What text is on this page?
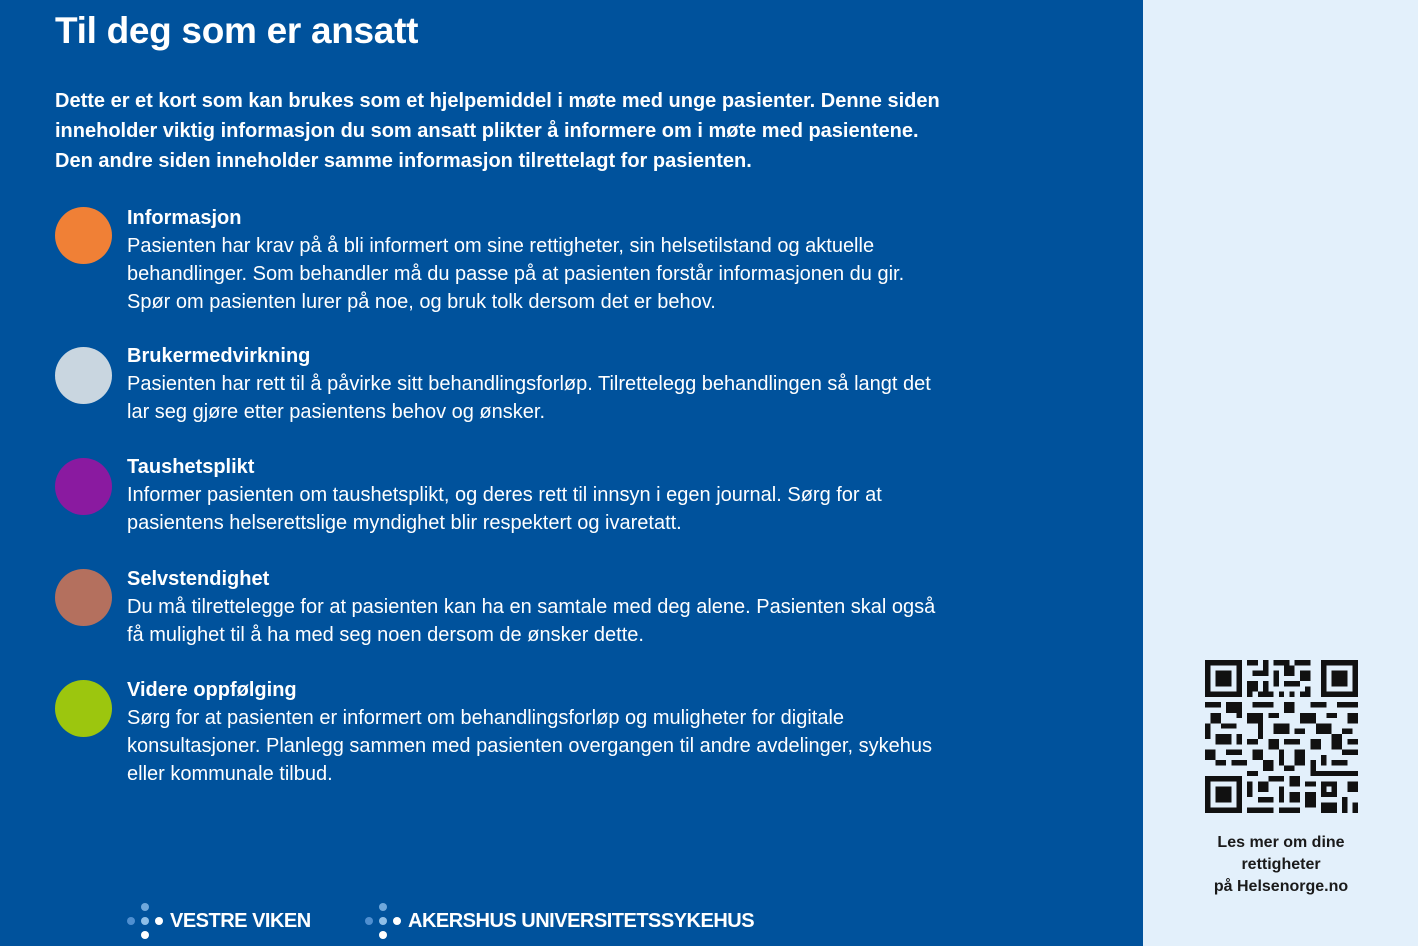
Til deg som er ansatt
Dette er et kort som kan brukes som et hjelpemiddel i møte med unge pasienter. Denne siden
inneholder viktig informasjon du som ansatt plikter å informere om i møte med pasientene.
Den andre siden inneholder samme informasjon tilrettelagt for pasienten.
Informasjon
Pasienten har krav på å bli informert om sine rettigheter, sin helsetilstand og aktuelle
behandlinger. Som behandler må du passe på at pasienten forstår informasjonen du gir.
Spør om pasienten lurer på noe, og bruk tolk dersom det er behov.
Brukermedvirkning
Pasienten har rett til å påvirke sitt behandlingsforløp. Tilrettelegg behandlingen så langt det
lar seg gjøre etter pasientens behov og ønsker.
Taushetsplikt
Informer pasienten om taushetsplikt, og deres rett til innsyn i egen journal. Sørg for at
pasientens helserettslige myndighet blir respektert og ivaretatt.
Selvstendighet
Du må tilrettelegge for at pasienten kan ha en samtale med deg alene. Pasienten skal også
få mulighet til å ha med seg noen dersom de ønsker dette.
Videre oppfølging
Sørg for at pasienten er informert om behandlingsforløp og muligheter for digitale
konsultasjoner. Planlegg sammen med pasienten overgangen til andre avdelinger, sykehus
eller kommunale tilbud.
VESTRE VIKEN	AKERSHUS UNIVERSITETSSYKEHUS
Les mer om dine
rettigheter
på Helsenorge.no
